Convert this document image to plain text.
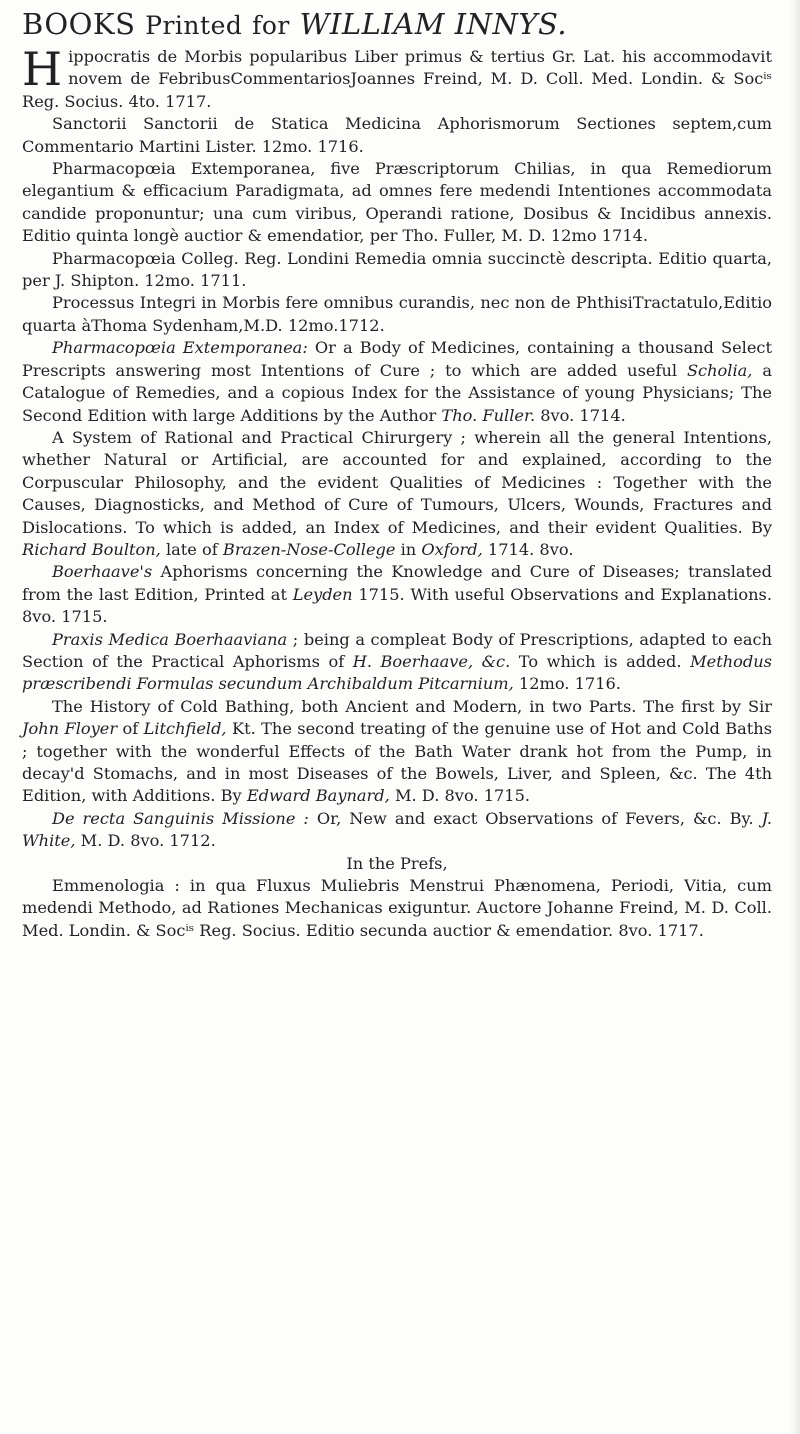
BOOKS Printed for WILLIAM INNYS.

Hippocratis de Morbis popularibus Liber primus & tertius Gr. Lat. his accommodavit novem de FebribusCommentariosJoannes Freind, M. D. Coll. Med. Londin. & Socⁱˢ Reg. Socius. 4to. 1717.

Sanctorii Sanctorii de Statica Medicina Aphorismorum Sectiones septem,cum Commentario Martini Lister. 12mo. 1716.

Pharmacopœia Extemporanea, five Præscriptorum Chilias, in qua Remediorum elegantium & efficacium Paradigmata, ad omnes fere medendi Intentiones accommodata candide proponuntur; una cum viribus, Operandi ratione, Dosibus & Incidibus annexis. Editio quinta longè auctior & emendatior, per Tho. Fuller, M. D. 12mo 1714.

Pharmacopœia Colleg. Reg. Londini Remedia omnia succinctè descripta. Editio quarta, per J. Shipton. 12mo. 1711.

Processus Integri in Morbis fere omnibus curandis, nec non de PhthisiTractatulo,Editio quarta àThoma Sydenham,M.D. 12mo.1712.

Pharmacopœia Extemporanea: Or a Body of Medicines, containing a thousand Select Prescripts answering most Intentions of Cure ; to which are added useful Scholia, a Catalogue of Remedies, and a copious Index for the Assistance of young Physicians; The Second Edition with large Additions by the Author Tho. Fuller. 8vo. 1714.

A System of Rational and Practical Chirurgery ; wherein all the general Intentions, whether Natural or Artificial, are accounted for and explained, according to the Corpuscular Philosophy, and the evident Qualities of Medicines : Together with the Causes, Diagnosticks, and Method of Cure of Tumours, Ulcers, Wounds, Fractures and Dislocations. To which is added, an Index of Medicines, and their evident Qualities. By Richard Boulton, late of Brazen-Nose-College in Oxford, 1714. 8vo.

Boerhaave's Aphorisms concerning the Knowledge and Cure of Diseases; translated from the last Edition, Printed at Leyden 1715. With useful Observations and Explanations. 8vo. 1715.

Praxis Medica Boerhaaviana ; being a compleat Body of Prescriptions, adapted to each Section of the Practical Aphorisms of H. Boerhaave, &c. To which is added. Methodus præscribendi Formulas secundum Archibaldum Pitcarnium, 12mo. 1716.

The History of Cold Bathing, both Ancient and Modern, in two Parts. The first by Sir John Floyer of Litchfield, Kt. The second treating of the genuine use of Hot and Cold Baths ; together with the wonderful Effects of the Bath Water drank hot from the Pump, in decay'd Stomachs, and in most Diseases of the Bowels, Liver, and Spleen, &c. The 4th Edition, with Additions. By Edward Baynard, M. D. 8vo. 1715.

De recta Sanguinis Missione : Or, New and exact Observations of Fevers, &c. By. J. White, M. D. 8vo. 1712.

In the Prefs,

Emmenologia : in qua Fluxus Muliebris Menstrui Phænomena, Periodi, Vitia, cum medendi Methodo, ad Rationes Mechanicas exiguntur. Auctore Johanne Freind, M. D. Coll. Med. Londin. & Socⁱˢ Reg. Socius. Editio secunda auctior & emendatior. 8vo. 1717.
